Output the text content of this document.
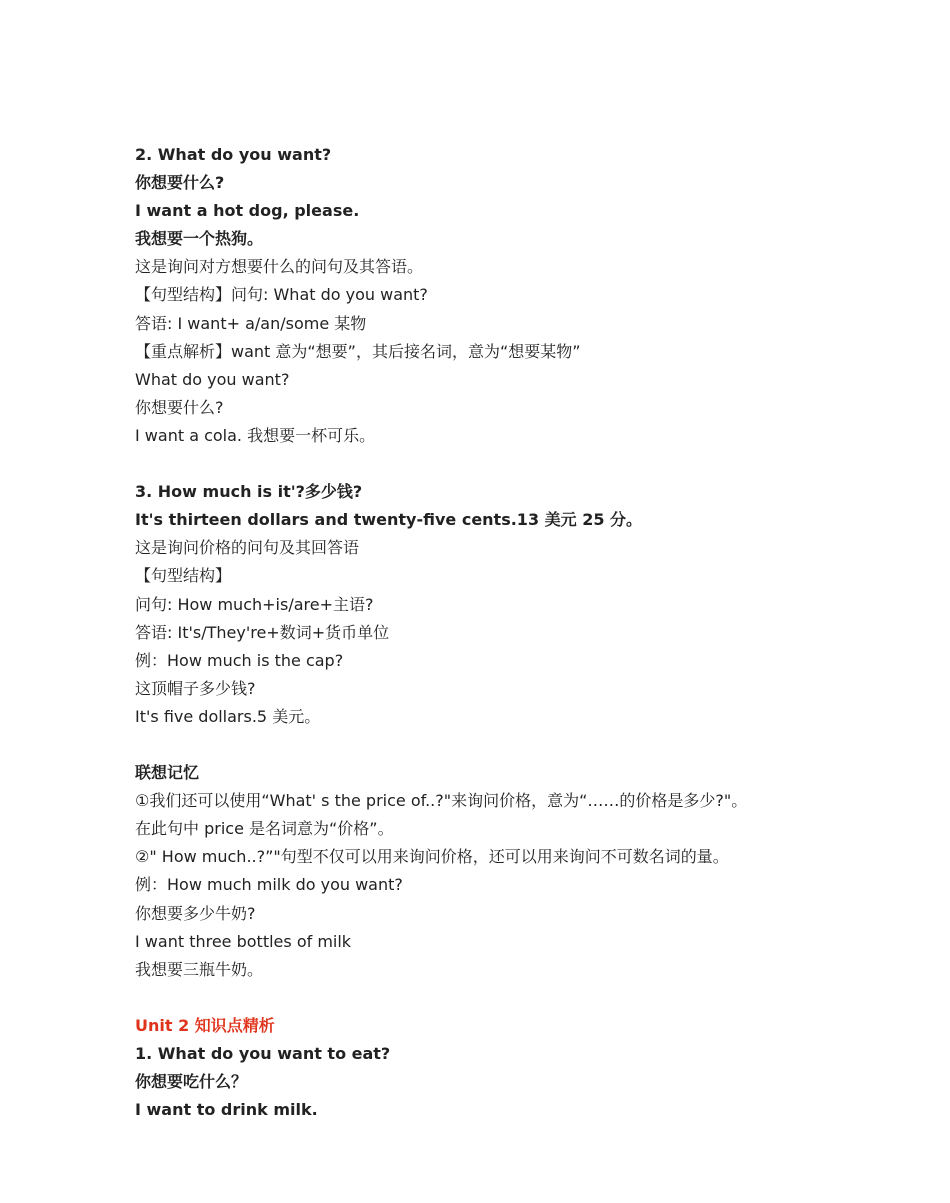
2. What do you want?
你想要什么?
I want a hot dog, please.
我想要一个热狗。
这是询问对方想要什么的问句及其答语。
【句型结构】问句: What do you want?
答语: I want+ a/an/some 某物
【重点解析】want 意为“想要”，其后接名词，意为“想要某物”
What do you want?
你想要什么?
I want a cola. 我想要一杯可乐。
3. How much is it'?多少钱?
It's thirteen dollars and twenty-five cents.13 美元 25 分。
这是询问价格的问句及其回答语
【句型结构】
问句: How much+is/are+主语?
答语: It's/They're+数词+货币单位
例：How much is the cap?
这顶帽子多少钱?
It's five dollars.5 美元。
联想记忆
①我们还可以使用“What' s the price of..?"来询问价格，意为“……的价格是多少?"。
在此句中 price 是名词意为“价格”。
②" How much..?”"句型不仅可以用来询问价格，还可以用来询问不可数名词的量。
例：How much milk do you want?
你想要多少牛奶?
I want three bottles of milk
我想要三瓶牛奶。
Unit 2 知识点精析
1. What do you want to eat?
你想要吃什么？
I want to drink milk.
